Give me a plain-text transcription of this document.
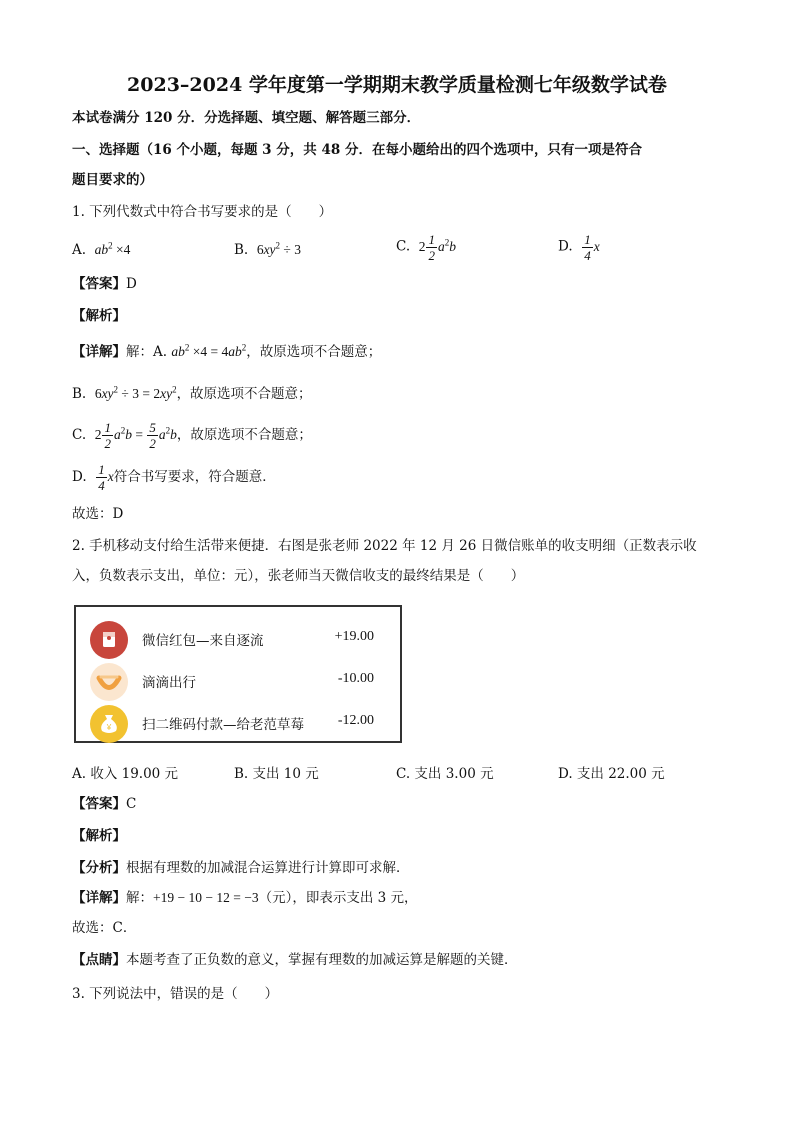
2023–2024 学年度第一学期期末教学质量检测七年级数学试卷
本试卷满分 120 分．分选择题、填空题、解答题三部分．
一、选择题（16 个小题，每题 3 分，共 48 分．在每小题给出的四个选项中，只有一项是符合
题目要求的）
1. 下列代数式中符合书写要求的是（　　）
A. $ab^2 \times 4$	B. $6xy^2 \div 3$	C. $2 \frac{1}{2} a^2b$	D. $\frac{1}{4}$ x
【答案】D
【解析】
【详解】解：A. $ab^2 \times 4 = 4ab^2$，故原选项不合题意；
B. $6xy^2 \div 3 = 2xy^2$，故原选项不合题意；
C. $2 \frac{1}{2} a^2b = \frac{5}{2} a^2b$，故原选项不合题意；
D. $\frac{1}{4}$ x符合书写要求，符合题意．
故选：D
2. 手机移动支付给生活带来便捷．右图是张老师 2022 年 12 月 26 日微信账单的收支明细（正数表示收
入，负数表示支出，单位：元），张老师当天微信收支的最终结果是（　　）
微信红包—来自逐流	+19.00
滴滴出行	-10.00
¥ 扫二维码付款—给老范草莓 -12.00
A. 收入 19.00 元	B. 支出 10 元	C. 支出 3.00 元	D. 支出 22.00 元
【答案】C
【解析】
【分析】根据有理数的加减混合运算进行计算即可求解．
【详解】解：+19 − 10 − 12 = −3（元），即表示支出 3 元，
故选：C．
【点睛】本题考查了正负数的意义，掌握有理数的加减运算是解题的关键．
3. 下列说法中，错误的是（　　）
